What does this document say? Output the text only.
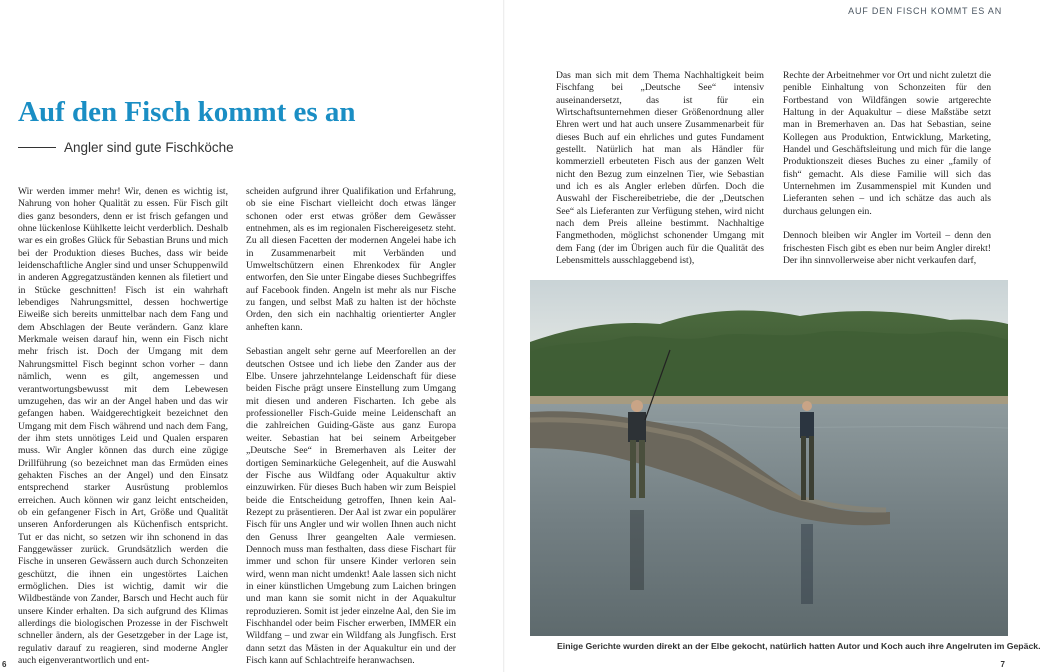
AUF DEN FISCH KOMMT ES AN
Auf den Fisch kommt es an
Angler sind gute Fischköche

Wir werden immer mehr! Wir, denen es wichtig ist, Nahrung von hoher Qualität zu essen. Für Fisch gilt dies ganz besonders, denn er ist frisch gefangen und ohne lückenlose Kühlkette leicht verderblich. Deshalb war es ein großes Glück für Sebastian Bruns und mich bei der Produktion dieses Buches, dass wir beide leidenschaftliche Angler sind und unser Schuppenwild in anderen Aggregatzuständen kennen als filetiert und in Stücke geschnitten! Fisch ist ein wahrhaft lebendiges Nahrungsmittel, dessen hochwertige Eiweiße sich bereits unmittelbar nach dem Fang und dem Abschlagen der Beute verändern. Ganz klare Merkmale weisen darauf hin, wenn ein Fisch nicht mehr frisch ist. Doch der Umgang mit dem Nahrungsmittel Fisch beginnt schon vorher – dann nämlich, wenn es gilt, angemessen und verantwortungsbewusst mit dem Lebewesen umzugehen, das wir an der Angel haben und das wir gefangen haben. Waidgerechtigkeit bezeichnet den Umgang mit dem Fisch während und nach dem Fang, der ihm stets unnötiges Leid und Qualen ersparen muss. Wir Angler können das durch eine zügige Drillführung (so bezeichnet man das Ermüden eines gehakten Fisches an der Angel) und den Einsatz entsprechend starker Ausrüstung problemlos erreichen. Auch können wir ganz leicht entscheiden, ob ein gefangener Fisch in Art, Größe und Qualität unseren Anforderungen als Küchenfisch entspricht. Tut er das nicht, so setzen wir ihn schonend in das Fanggewässer zurück. Grundsätzlich werden die Fische in unseren Gewässern auch durch Schonzeiten geschützt, die ihnen ein ungestörtes Laichen ermöglichen. Dies ist wichtig, damit wir die Wildbestände von Zander, Barsch und Hecht auch für unsere Kinder erhalten. Da sich aufgrund des Klimas allerdings die biologischen Prozesse in der Fischwelt schneller ändern, als der Gesetzgeber in der Lage ist, regulativ darauf zu reagieren, sind moderne Angler auch eigenverantwortlich und ent-

scheiden aufgrund ihrer Qualifikation und Erfahrung, ob sie eine Fischart vielleicht doch etwas länger schonen oder erst etwas größer dem Gewässer entnehmen, als es im regionalen Fischereigesetz steht. Zu all diesen Facetten der modernen Angelei habe ich in Zusammenarbeit mit Verbänden und Umweltschützern einen Ehrenkodex für Angler entworfen, den Sie unter Eingabe dieses Suchbegriffes auf Facebook finden. Angeln ist mehr als nur Fische zu fangen, und selbst Maß zu halten ist der höchste Orden, den sich ein nachhaltig orientierter Angler anheften kann.

Sebastian angelt sehr gerne auf Meerforellen an der deutschen Ostsee und ich liebe den Zander aus der Elbe. Unsere jahrzehntelange Leidenschaft für diese beiden Fische prägt unsere Einstellung zum Umgang mit diesen und anderen Fischarten. Ich gebe als professioneller Fisch-Guide meine Leidenschaft an die zahlreichen Guiding-Gäste aus ganz Europa weiter. Sebastian hat bei seinem Arbeitgeber „Deutsche See“ in Bremerhaven als Leiter der dortigen Seminarküche Gelegenheit, auf die Auswahl der Fische aus Wildfang oder Aquakultur aktiv einzuwirken. Für dieses Buch haben wir zum Beispiel beide die Entscheidung getroffen, Ihnen kein Aal-Rezept zu präsentieren. Der Aal ist zwar ein populärer Fisch für uns Angler und wir wollen Ihnen auch nicht den Genuss Ihrer geangelten Aale vermiesen. Dennoch muss man festhalten, dass diese Fischart für immer und schon für unsere Kinder verloren sein wird, wenn man nicht umdenkt! Aale lassen sich nicht in einer künstlichen Umgebung zum Laichen bringen und man kann sie somit nicht in der Aquakultur reproduzieren. Somit ist jeder einzelne Aal, den Sie im Fischhandel oder beim Fischer erwerben, IMMER ein Wildfang – und zwar ein Wildfang als Jungfisch. Erst dann setzt das Mästen in der Aquakultur ein und der Fisch kann auf Schlachtreife heranwachsen.

Das man sich mit dem Thema Nachhaltigkeit beim Fischfang bei „Deutsche See“ intensiv auseinandersetzt, das ist für ein Wirtschaftsunternehmen dieser Größenordnung aller Ehren wert und hat auch unsere Zusammenarbeit für dieses Buch auf ein ehrliches und gutes Fundament gestellt. Natürlich hat man als Händler für kommerziell erbeuteten Fisch aus der ganzen Welt nicht den Bezug zum einzelnen Tier, wie Sebastian und ich es als Angler erleben dürfen. Doch die Auswahl der Fischereibetriebe, die der „Deutschen See“ als Lieferanten zur Verfügung stehen, wird nicht nach dem Preis alleine bestimmt. Nachhaltige Fangmethoden, möglichst schonender Umgang mit dem Fang (der im Übrigen auch für die Qualität des Lebensmittels ausschlaggebend ist),

Rechte der Arbeitnehmer vor Ort und nicht zuletzt die penible Einhaltung von Schonzeiten für den Fortbestand von Wildfängen sowie artgerechte Haltung in der Aquakultur – diese Maßstäbe setzt man in Bremerhaven an. Das hat Sebastian, seine Kollegen aus Produktion, Entwicklung, Marketing, Handel und Geschäftsleitung und mich für die lange Produktionszeit dieses Buches zu einer „family of fish“ gemacht. Als diese Familie will sich das Unternehmen im Zusammenspiel mit Kunden und Lieferanten sehen – und ich schätze das auch als durchaus gelungen ein.

Dennoch bleiben wir Angler im Vorteil – denn den frischesten Fisch gibt es eben nur beim Angler direkt! Der ihn sinnvollerweise aber nicht verkaufen darf,

Einige Gerichte wurden direkt an der Elbe gekocht, natürlich hatten Autor und Koch auch ihre Angelruten im Gepäck.
6	7
